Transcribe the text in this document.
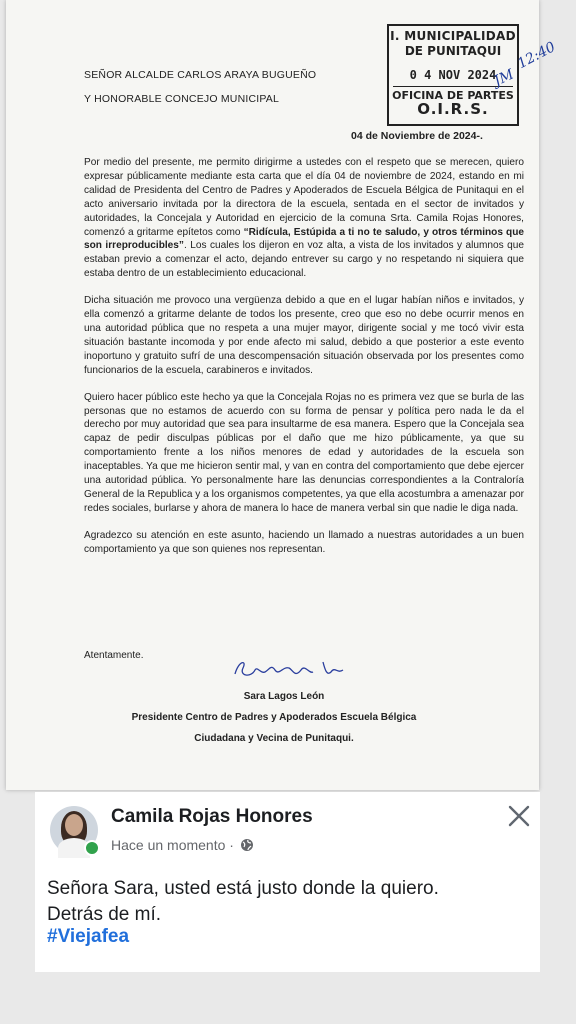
I. MUNICIPALIDAD
DE PUNITAQUI
0 4 NOV 2024
OFICINA DE PARTES
O.I.R.S.
JM
12:40
SEÑOR ALCALDE CARLOS ARAYA BUGUEÑO
Y HONORABLE CONCEJO MUNICIPAL
04 de Noviembre de 2024-.

Por medio del presente, me permito dirigirme a ustedes con el respeto que se merecen, quiero expresar públicamente mediante esta carta que el día 04 de noviembre de 2024, estando en mi calidad de Presidenta del Centro de Padres y Apoderados de Escuela Bélgica de Punitaqui en el acto aniversario invitada por la directora de la escuela, sentada en el sector de invitados y autoridades, la Concejala y Autoridad en ejercicio de la comuna Srta. Camila Rojas Honores, comenzó a gritarme epítetos como “Ridícula, Estúpida a ti no te saludo, y otros términos que son irreproducibles”. Los cuales los dijeron en voz alta, a vista de los invitados y alumnos que estaban previo a comenzar el acto, dejando entrever su cargo y no respetando ni siquiera que estaba dentro de un establecimiento educacional.

Dicha situación me provoco una vergüenza debido a que en el lugar habían niños e invitados, y ella comenzó a gritarme delante de todos los presente, creo que eso no debe ocurrir menos en una autoridad pública que no respeta a una mujer mayor, dirigente social y me tocó vivir esta situación bastante incomoda y por ende afecto mi salud, debido a que posterior a este evento inoportuno y gratuito sufrí de una descompensación situación observada por los presentes como funcionarios de la escuela, carabineros e invitados.

Quiero hacer público este hecho ya que la Concejala Rojas no es primera vez que se burla de las personas que no estamos de acuerdo con su forma de pensar y política pero nada le da el derecho por muy autoridad que sea para insultarme de esa manera. Espero que la Concejala sea capaz de pedir disculpas públicas por el daño que me hizo públicamente, ya que su comportamiento frente a los niños menores de edad y autoridades de la escuela son inaceptables. Ya que me hicieron sentir mal, y van en contra del comportamiento que debe ejercer una autoridad pública. Yo personalmente hare las denuncias correspondientes a la Contraloría General de la Republica y a los organismos competentes, ya que ella acostumbra a amenazar por redes sociales, burlarse y ahora de manera lo hace de manera verbal sin que nadie le diga nada.

Agradezco su atención en este asunto, haciendo un llamado a nuestras autoridades a un buen comportamiento ya que son quienes nos representan.

Atentamente.
Sara Lagos León
Presidente Centro de Padres y Apoderados Escuela Bélgica
Ciudadana y Vecina de Punitaqui.
Camila Rojas Honores
Hace un momento ·
Señora Sara, usted está justo donde la quiero.
Detrás de mí.
#Viejafea
